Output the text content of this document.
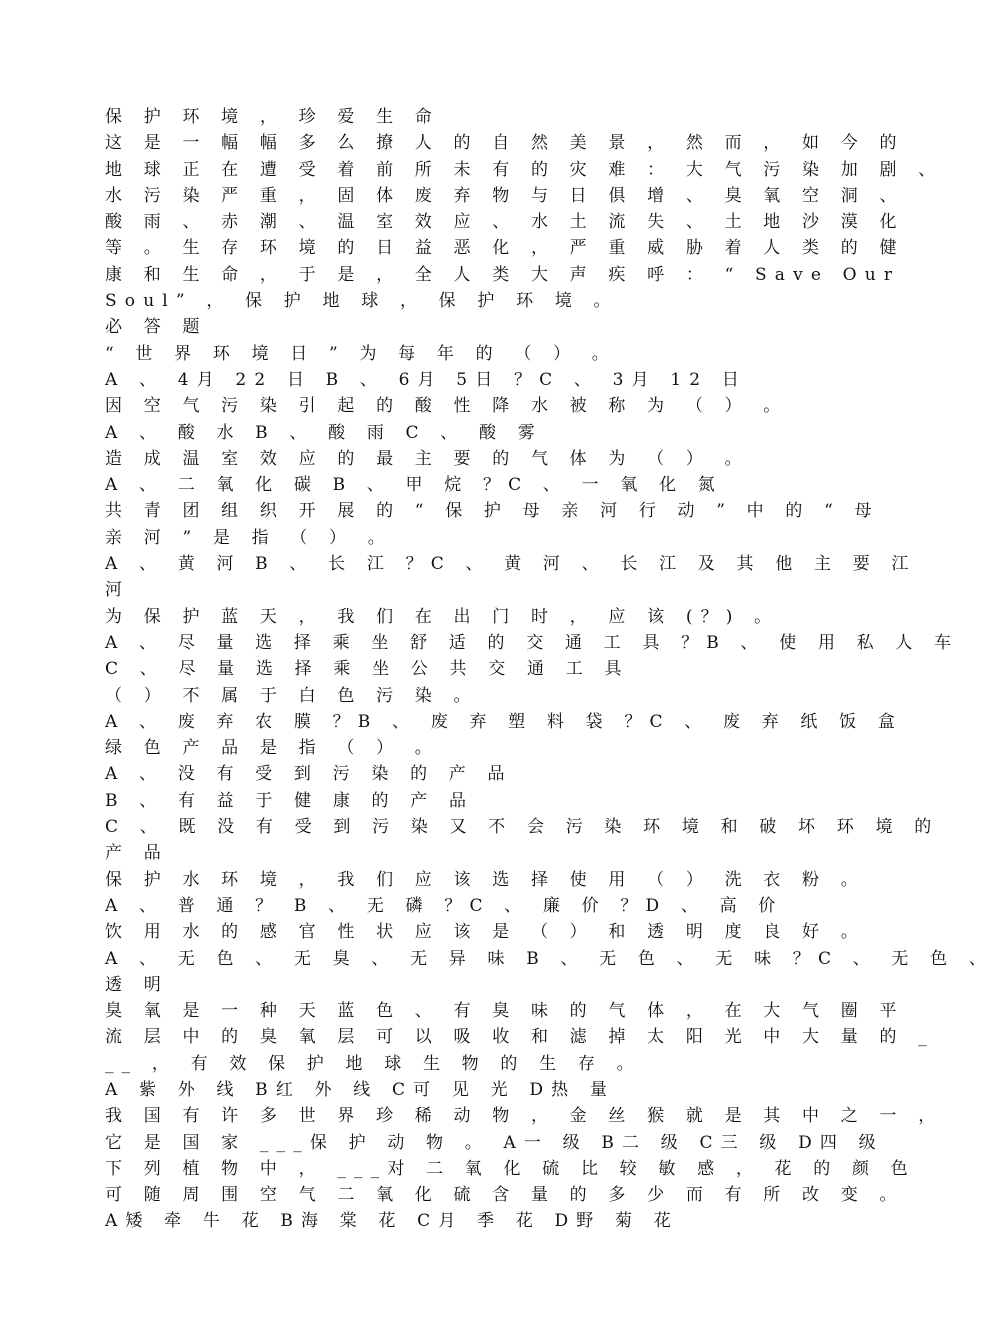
保 护 环 境 ， 珍 爱 生 命
这 是 一 幅 幅 多 么 撩 人 的 自 然 美 景 ， 然 而 ， 如 今 的
地 球 正 在 遭 受 着 前 所 未 有 的 灾 难 ： 大 气 污 染 加 剧 、
水 污 染 严 重 ， 固 体 废 弃 物 与 日 俱 增 、 臭 氧 空 洞 、
酸 雨 、 赤 潮 、 温 室 效 应 、 水 土 流 失 、 土 地 沙 漠 化
等 。 生 存 环 境 的 日 益 恶 化 ， 严 重 威 胁 着 人 类 的 健
康 和 生 命 ， 于 是 ， 全 人 类 大 声 疾 呼 ： “ Save Our
Soul” ， 保 护 地 球 ， 保 护 环 境 。
必 答 题
“ 世 界 环 境 日 ” 为 每 年 的 （ ） 。
A 、 4月 22 日 B 、 6月 5日 ？C 、 3月 12 日
因 空 气 污 染 引 起 的 酸 性 降 水 被 称 为 （ ） 。
A 、 酸 水 B 、 酸 雨 C 、 酸 雾
造 成 温 室 效 应 的 最 主 要 的 气 体 为 （ ） 。
A 、 二 氧 化 碳 B 、 甲 烷 ？C 、 一 氧 化 氮
共 青 团 组 织 开 展 的 “ 保 护 母 亲 河 行 动 ” 中 的 “ 母
亲 河 ” 是 指 （ ） 。
A 、 黄 河 B 、 长 江 ？C 、 黄 河 、 长 江 及 其 他 主 要 江
河
为 保 护 蓝 天 ， 我 们 在 出 门 时 ， 应 该 (？) 。
A 、 尽 量 选 择 乘 坐 舒 适 的 交 通 工 具 ？B 、 使 用 私 人 车
C 、 尽 量 选 择 乘 坐 公 共 交 通 工 具
（ ） 不 属 于 白 色 污 染 。
A 、 废 弃 农 膜 ？B 、 废 弃 塑 料 袋 ？C 、 废 弃 纸 饭 盒
绿 色 产 品 是 指 （ ） 。
A 、 没 有 受 到 污 染 的 产 品
B 、 有 益 于 健 康 的 产 品
C 、 既 没 有 受 到 污 染 又 不 会 污 染 环 境 和 破 坏 环 境 的
产 品
保 护 水 环 境 ， 我 们 应 该 选 择 使 用 （ ） 洗 衣 粉 。
A 、 普 通 ？ B 、 无 磷 ？C 、 廉 价 ？D 、 高 价
饮 用 水 的 感 官 性 状 应 该 是 （ ） 和 透 明 度 良 好 。
A 、 无 色 、 无 臭 、 无 异 味 B 、 无 色 、 无 味 ？C 、 无 色 、
透 明
臭 氧 是 一 种 天 蓝 色 、 有 臭 味 的 气 体 ， 在 大 气 圈 平
流 层 中 的 臭 氧 层 可 以 吸 收 和 滤 掉 太 阳 光 中 大 量 的 _
__ ， 有 效 保 护 地 球 生 物 的 生 存 。
A 紫 外 线 B红 外 线 C可 见 光 D热 量
我 国 有 许 多 世 界 珍 稀 动 物 ， 金 丝 猴 就 是 其 中 之 一 ，
它 是 国 家 ___保 护 动 物 。 A一 级 B二 级 C三 级 D四 级
下 列 植 物 中 ， ___对 二 氧 化 硫 比 较 敏 感 ， 花 的 颜 色
可 随 周 围 空 气 二 氧 化 硫 含 量 的 多 少 而 有 所 改 变 。
A矮 牵 牛 花 B海 棠 花 C月 季 花 D野 菊 花
